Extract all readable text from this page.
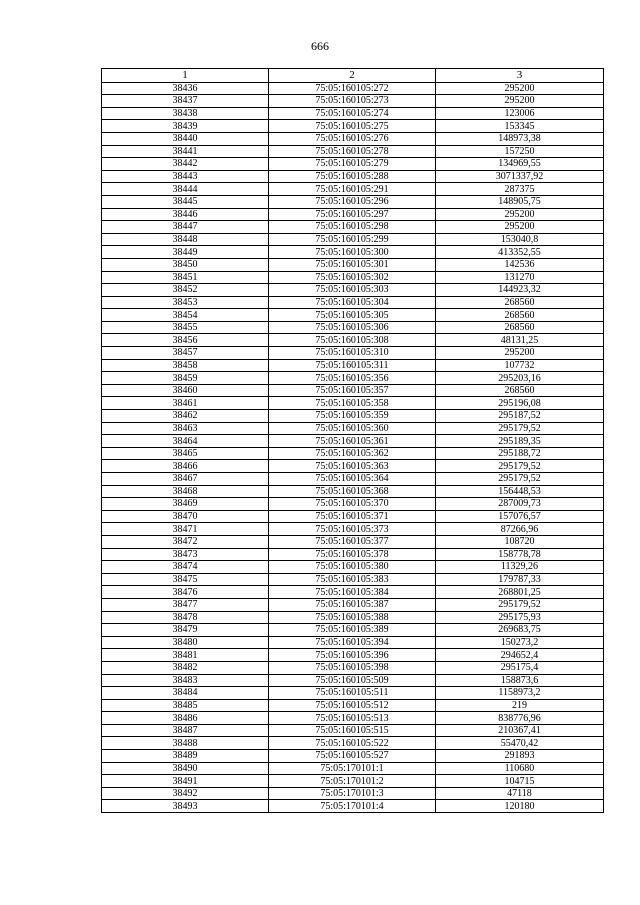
666
1	2	3
38436	75:05:160105:272	295200
38437	75:05:160105:273	295200
38438	75:05:160105:274	123006
38439	75:05:160105:275	153345
38440	75:05:160105:276	148973,38
38441	75:05:160105:278	157250
38442	75:05:160105:279	134969,55
38443	75:05:160105:288	3071337,92
38444	75:05:160105:291	287375
38445	75:05:160105:296	148905,75
38446	75:05:160105:297	295200
38447	75:05:160105:298	295200
38448	75:05:160105:299	153040,8
38449	75:05:160105:300	413352,55
38450	75:05:160105:301	142536
38451	75:05:160105:302	131270
38452	75:05:160105:303	144923,32
38453	75:05:160105:304	268560
38454	75:05:160105:305	268560
38455	75:05:160105:306	268560
38456	75:05:160105:308	48131,25
38457	75:05:160105:310	295200
38458	75:05:160105:311	107732
38459	75:05:160105:356	295203,16
38460	75:05:160105:357	268560
38461	75:05:160105:358	295196,08
38462	75:05:160105:359	295187,52
38463	75:05:160105:360	295179,52
38464	75:05:160105:361	295189,35
38465	75:05:160105:362	295188,72
38466	75:05:160105:363	295179,52
38467	75:05:160105:364	295179,52
38468	75:05:160105:368	156448,53
38469	75:05:160105:370	287009,73
38470	75:05:160105:371	157076,57
38471	75:05:160105:373	87266,96
38472	75:05:160105:377	108720
38473	75:05:160105:378	158778,78
38474	75:05:160105:380	11329,26
38475	75:05:160105:383	179787,33
38476	75:05:160105:384	268801,25
38477	75:05:160105:387	295179,52
38478	75:05:160105:388	295175,93
38479	75:05:160105:389	269683,75
38480	75:05:160105:394	150273,2
38481	75:05:160105:396	294652,4
38482	75:05:160105:398	295175,4
38483	75:05:160105:509	158873,6
38484	75:05:160105:511	1158973,2
38485	75:05:160105:512	219
38486	75:05:160105:513	838776,96
38487	75:05:160105:515	210367,41
38488	75:05:160105:522	55470,42
38489	75:05:160105:527	291893
38490	75:05:170101:1	110680
38491	75:05:170101:2	104715
38492	75:05:170101:3	47118
38493	75:05:170101:4	120180
